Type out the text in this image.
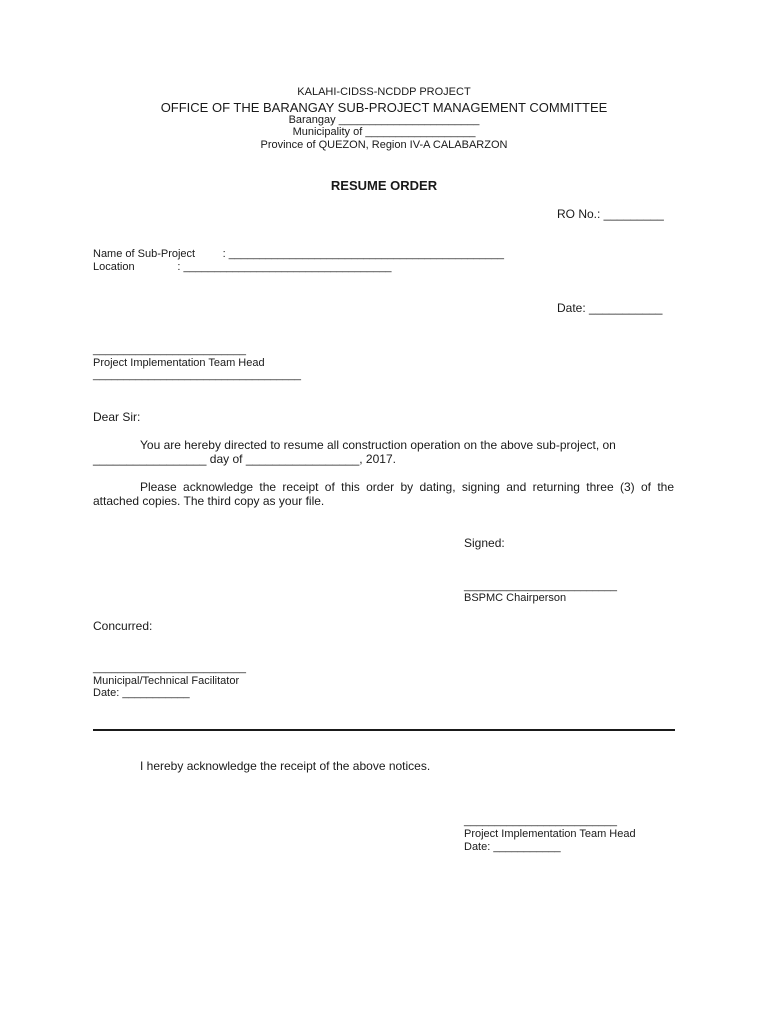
KALAHI-CIDSS-NCDDP PROJECT
OFFICE OF THE BARANGAY SUB-PROJECT MANAGEMENT COMMITTEE
Barangay _______________________
Municipality of __________________
Province of QUEZON, Region IV-A CALABARZON
RESUME ORDER
RO No.: _________
Name of Sub-Project         : _____________________________________________
Location              : __________________________________
Date: ___________
_________________________
Project Implementation Team Head
__________________________________
Dear Sir:
You are hereby directed to resume all construction operation on the above sub-project, on
_________________ day of _________________, 2017.
Please acknowledge the receipt of this order by dating, signing and returning three (3) of the attached copies. The third copy as your file.
Signed:
_________________________
BSPMC Chairperson
Concurred:
_________________________
Municipal/Technical Facilitator
Date: ___________
I hereby acknowledge the receipt of the above notices.
_________________________
Project Implementation Team Head
Date: ___________
